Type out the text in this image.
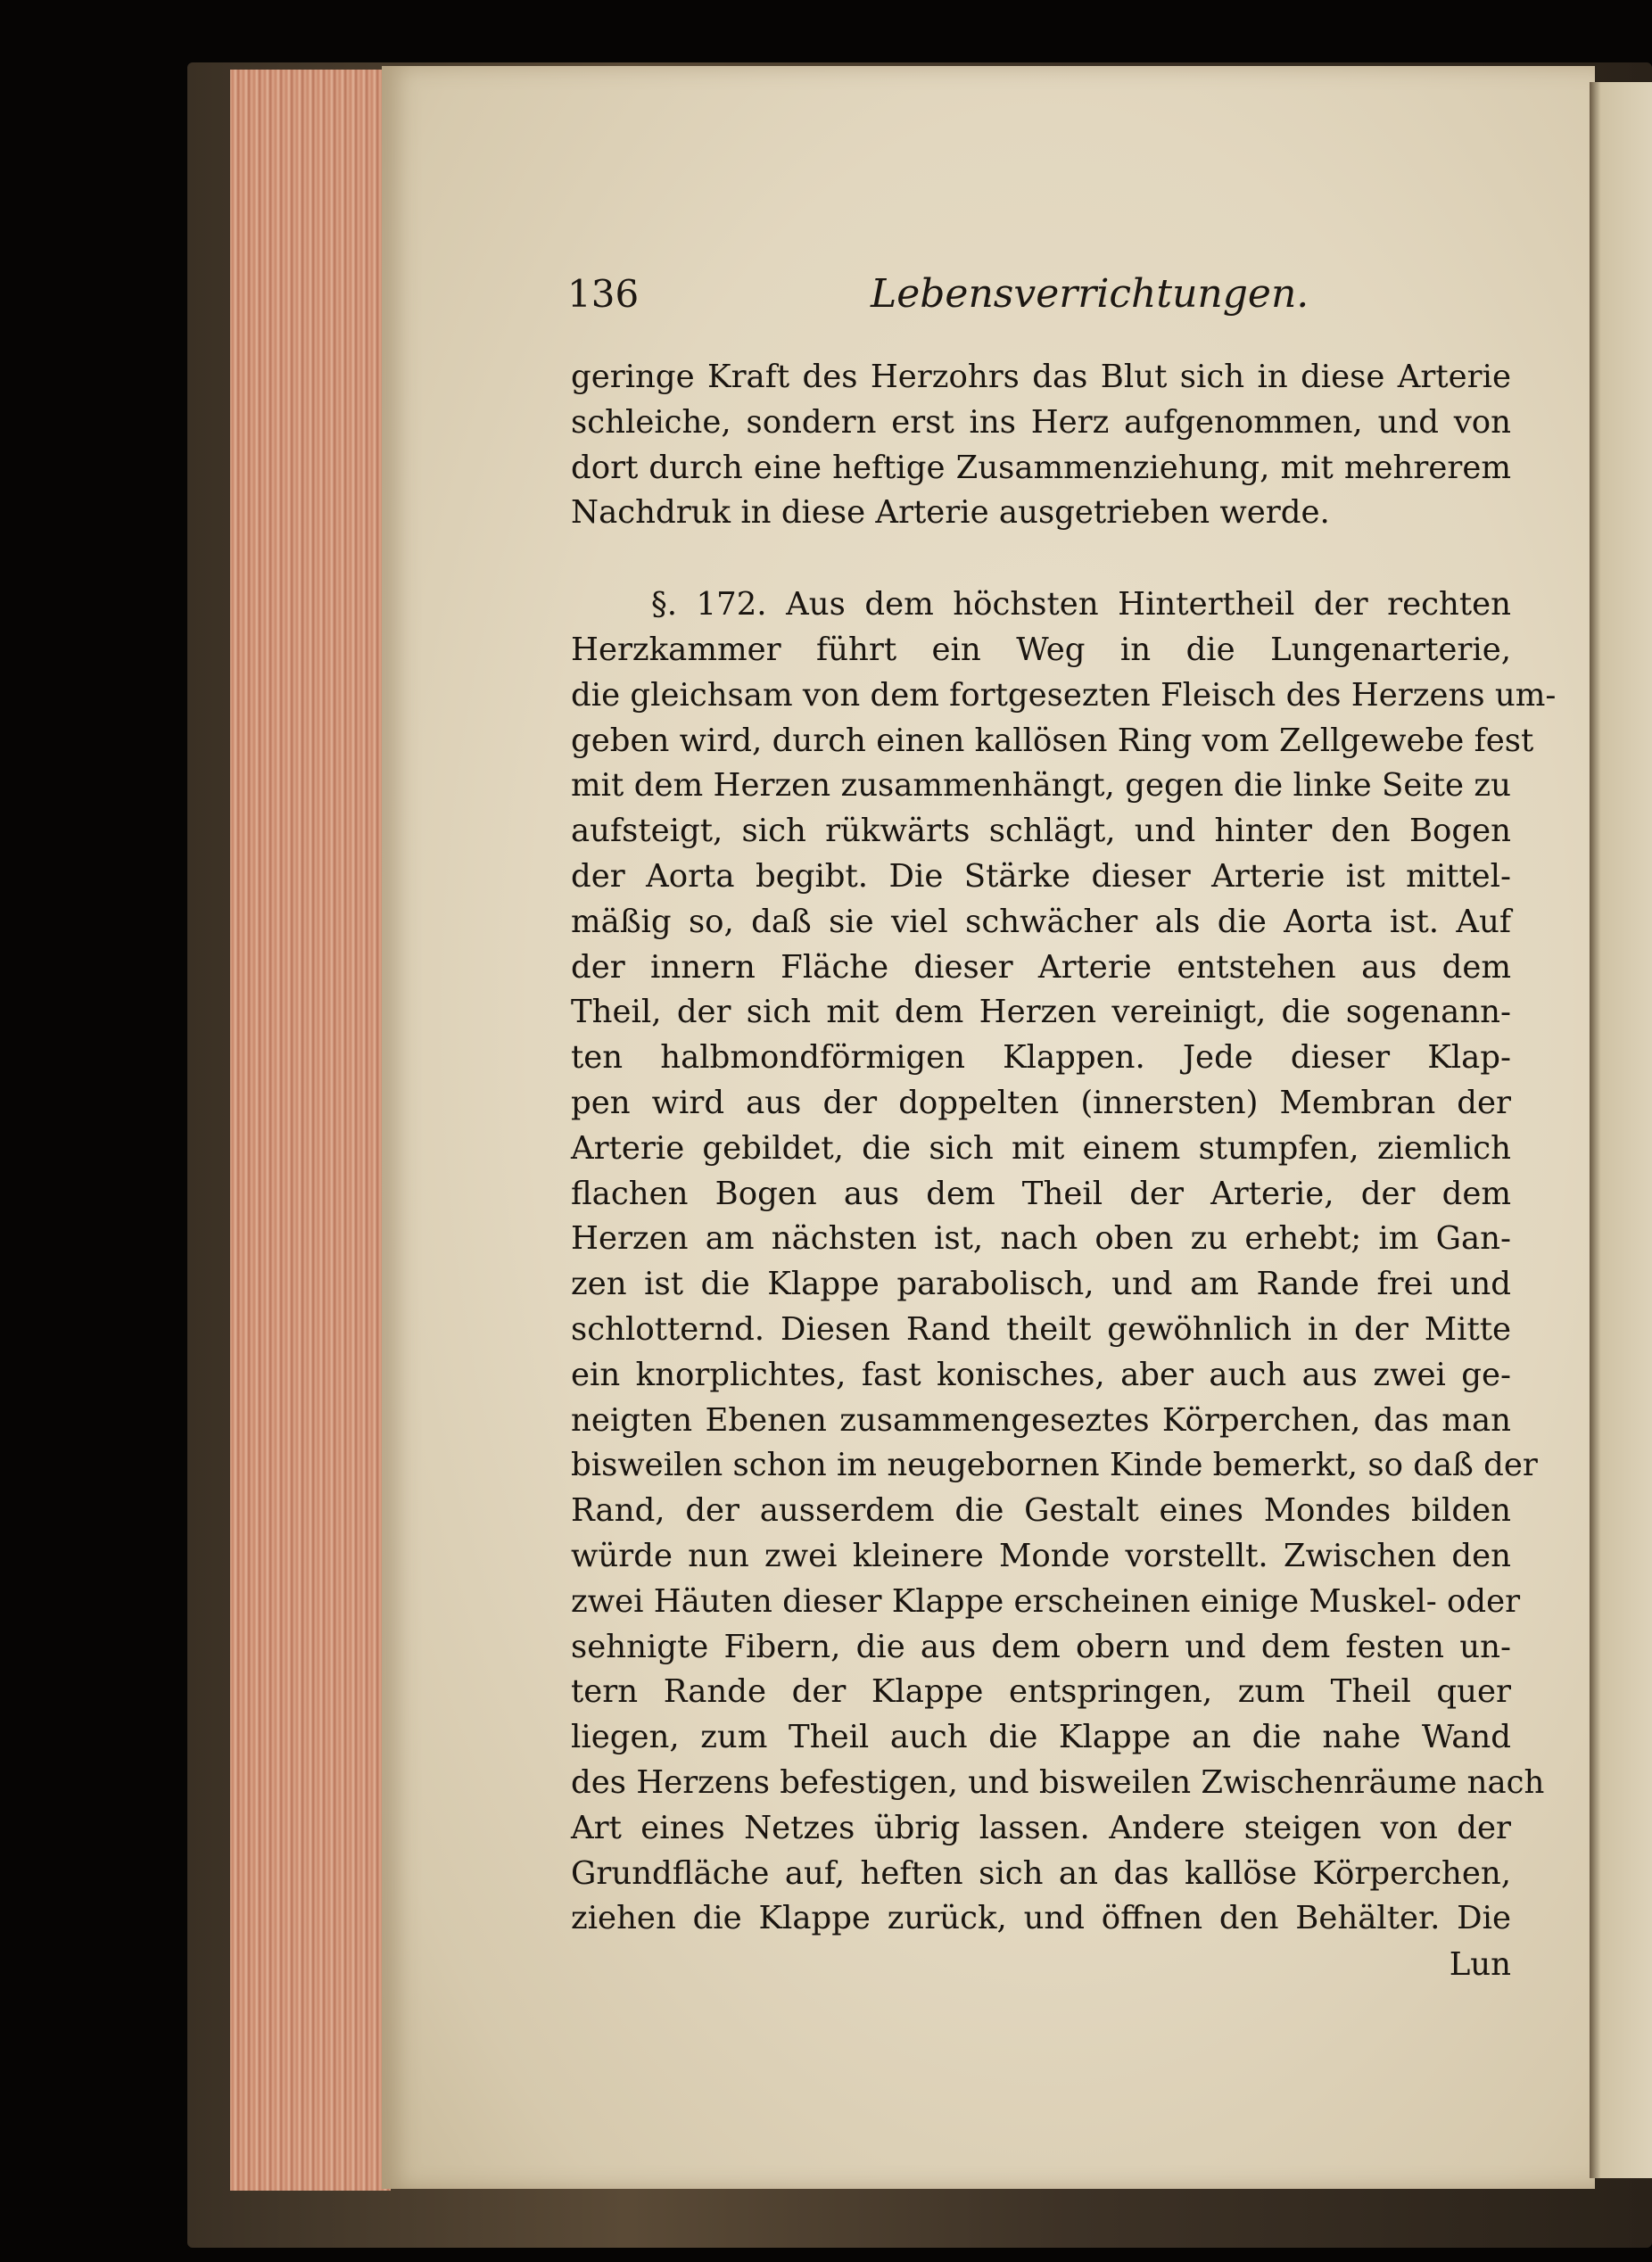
136	Lebensverrichtungen.
geringe Kraft des Herzohrs das Blut sich in diese Arterie
schleiche, sondern erst ins Herz aufgenommen, und von
dort durch eine heftige Zusammenziehung, mit mehrerem
Nachdruk in diese Arterie ausgetrieben werde.
§. 172. Aus dem höchsten Hintertheil der rechten
Herzkammer führt ein Weg in die Lungenarterie,
die gleichsam von dem fortgesezten Fleisch des Herzens um-
geben wird, durch einen kallösen Ring vom Zellgewebe fest
mit dem Herzen zusammenhängt, gegen die linke Seite zu
aufsteigt, sich rükwärts schlägt, und hinter den Bogen
der Aorta begibt. Die Stärke dieser Arterie ist mittel-
mäßig so, daß sie viel schwächer als die Aorta ist. Auf
der innern Fläche dieser Arterie entstehen aus dem
Theil, der sich mit dem Herzen vereinigt, die sogenann-
ten halbmondförmigen Klappen. Jede dieser Klap-
pen wird aus der doppelten (innersten) Membran der
Arterie gebildet, die sich mit einem stumpfen, ziemlich
flachen Bogen aus dem Theil der Arterie, der dem
Herzen am nächsten ist, nach oben zu erhebt; im Gan-
zen ist die Klappe parabolisch, und am Rande frei und
schlotternd. Diesen Rand theilt gewöhnlich in der Mitte
ein knorplichtes, fast konisches, aber auch aus zwei ge-
neigten Ebenen zusammengeseztes Körperchen, das man
bisweilen schon im neugebornen Kinde bemerkt, so daß der
Rand, der ausserdem die Gestalt eines Mondes bilden
würde nun zwei kleinere Monde vorstellt. Zwischen den
zwei Häuten dieser Klappe erscheinen einige Muskel- oder
sehnigte Fibern, die aus dem obern und dem festen un-
tern Rande der Klappe entspringen, zum Theil quer
liegen, zum Theil auch die Klappe an die nahe Wand
des Herzens befestigen, und bisweilen Zwischenräume nach
Art eines Netzes übrig lassen. Andere steigen von der
Grundfläche auf, heften sich an das kallöse Körperchen,
ziehen die Klappe zurück, und öffnen den Behälter. Die
Lun
